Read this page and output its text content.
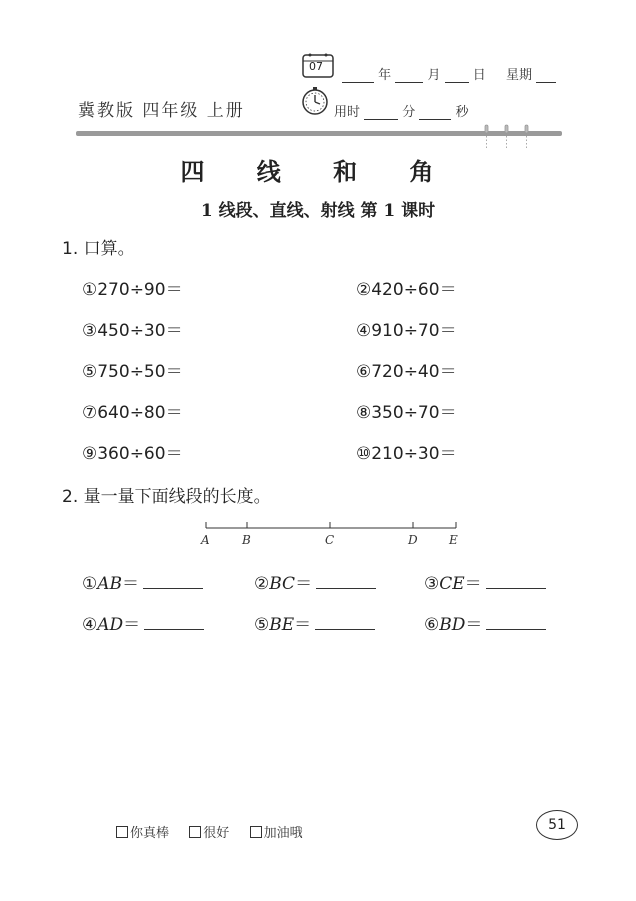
07
年	月 日 星期
冀教版 四年级 上册	用时	分	秒
四 线 和 角
1 线段、直线、射线 第 1 课时
1. 口算。
①270÷90＝	②420÷60＝
③450÷30＝	④910÷70＝
⑤750÷50＝	⑥720÷40＝
⑦640÷80＝	⑧350÷70＝
⑨360÷60＝	⑩210÷30＝
2. 量一量下面线段的长度。
A	B	C	D	E
①AB＝	②BC＝	③CE＝
④AD＝	⑤BE＝	⑥BD＝
你真棒	很好	加油哦
51
